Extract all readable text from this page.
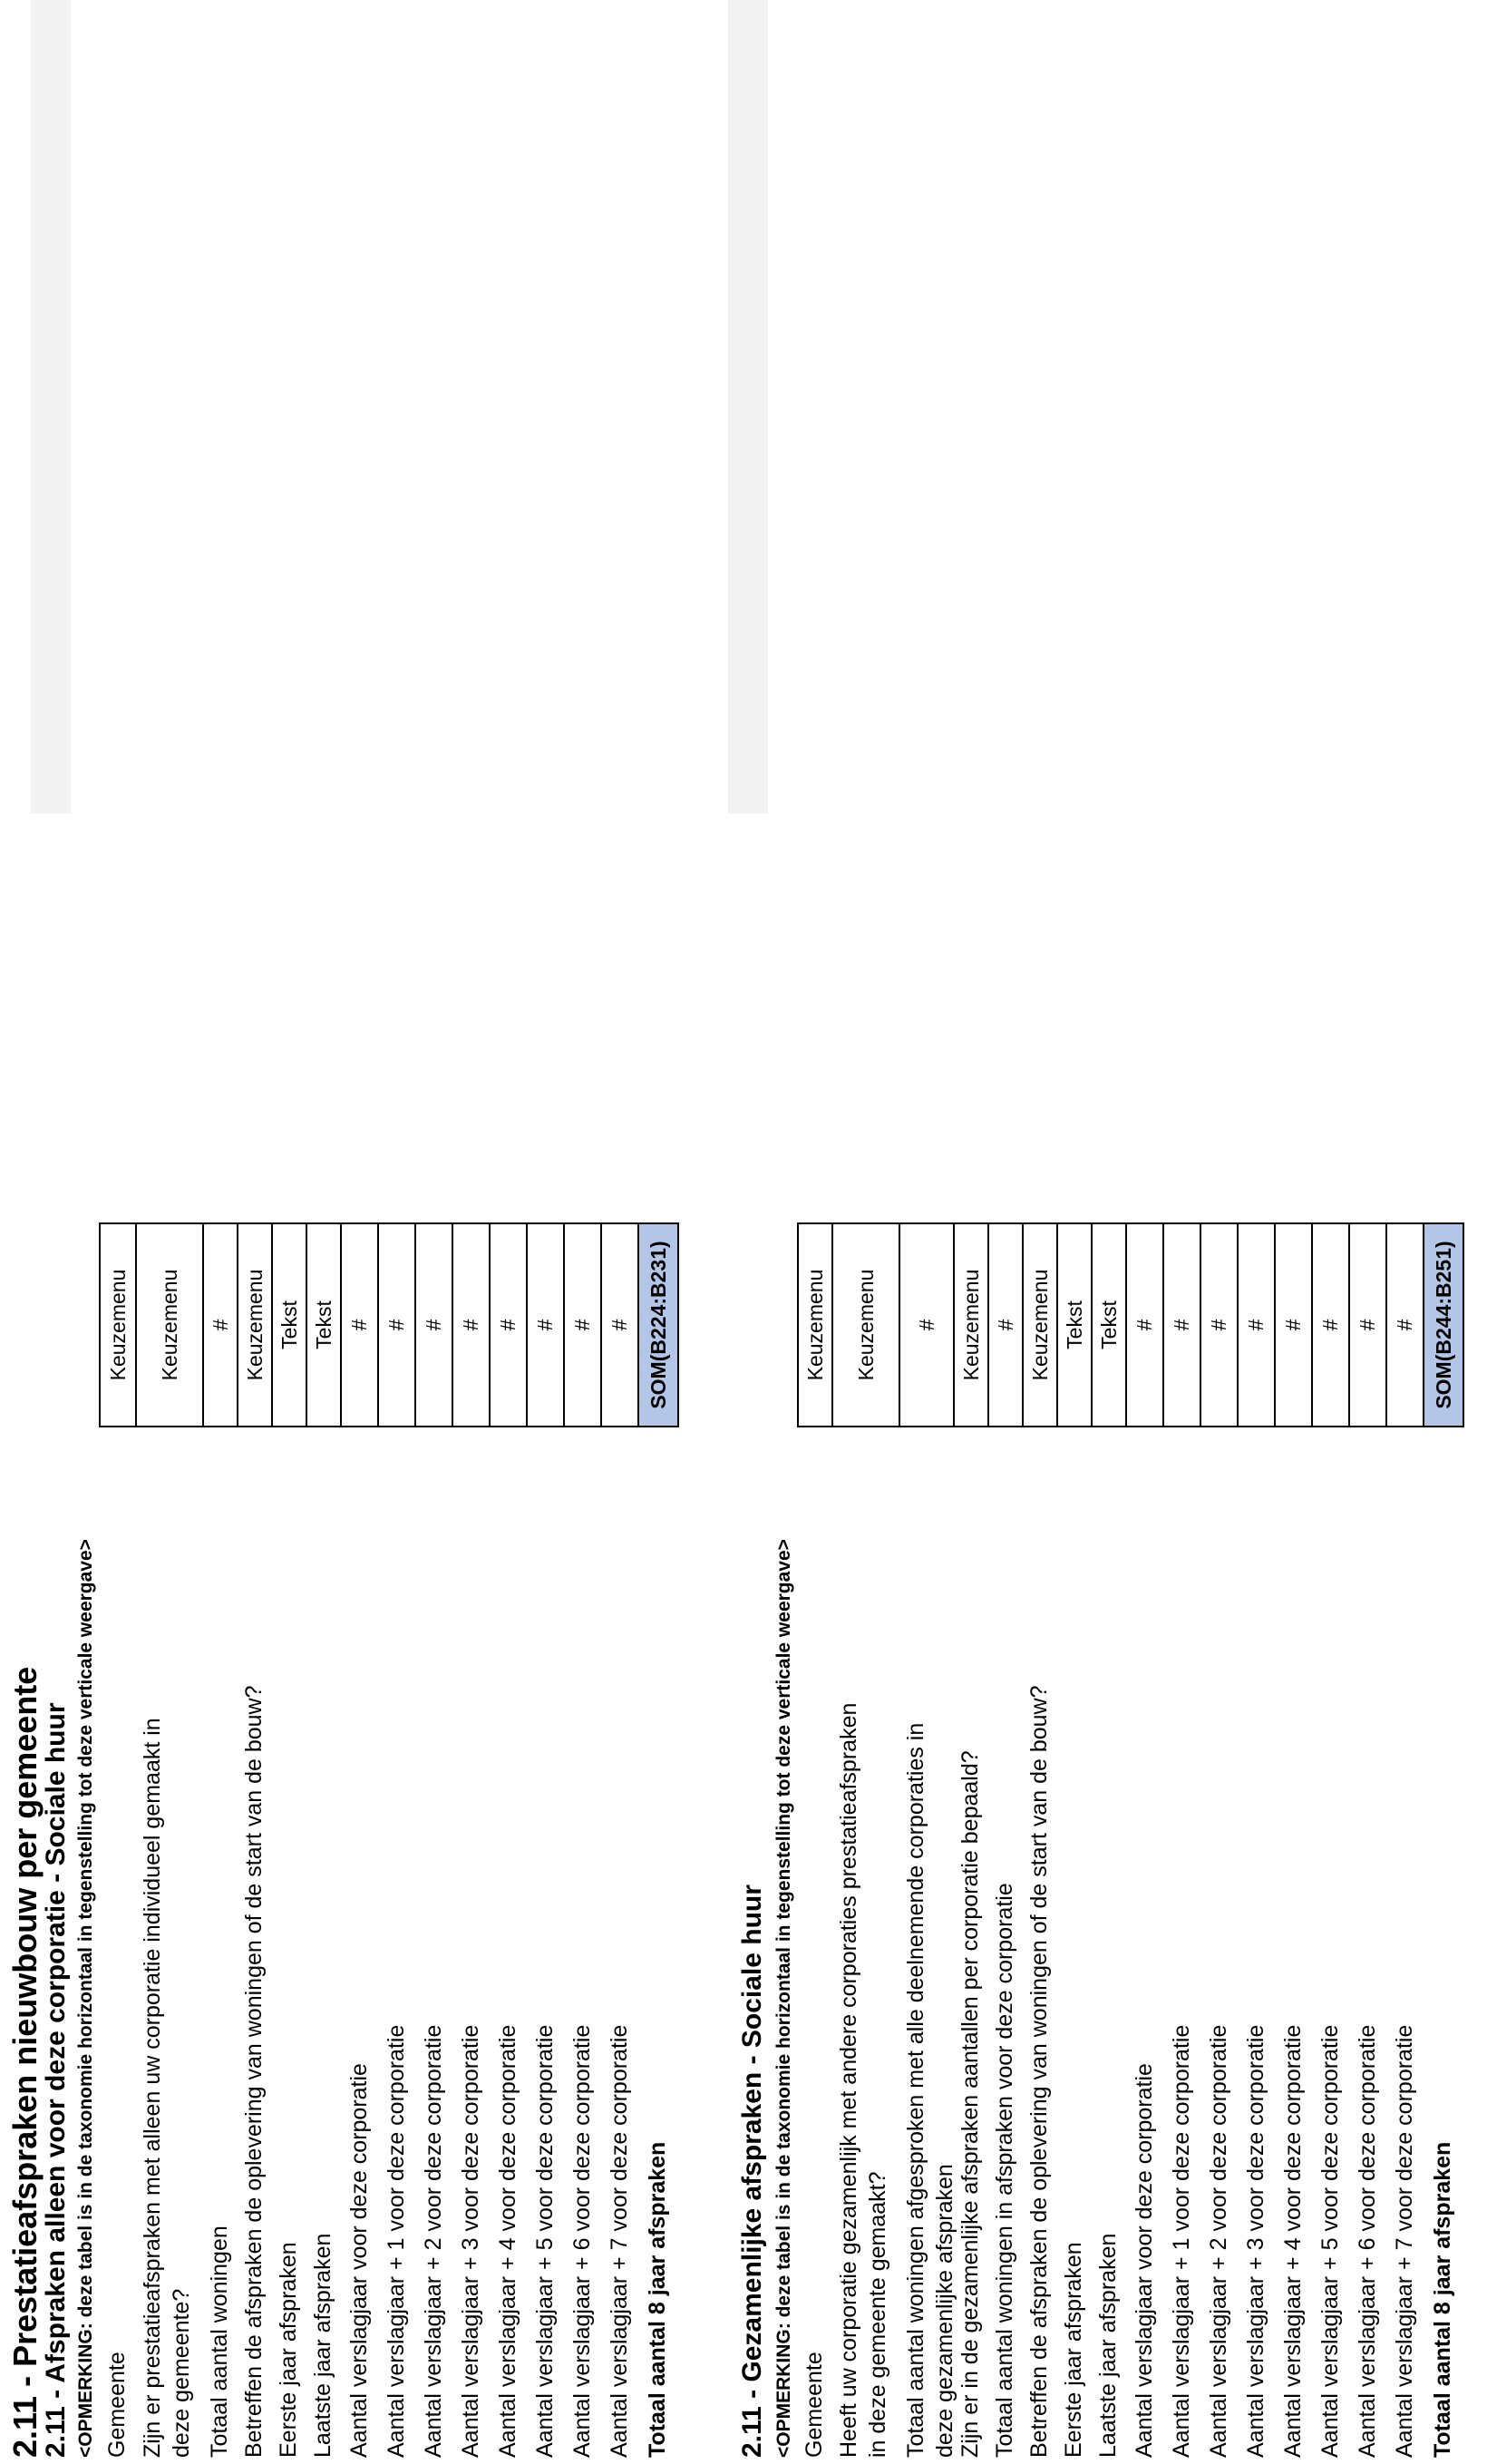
2.11 - Prestatieafspraken nieuwbouw per gemeente
2.11 - Afspraken alleen voor deze corporatie - Sociale huur <OPMERKING: deze tabel is in de taxonomie horizontaal in tegenstelling tot deze verticale weergave> Gemeente
Keuzemenu
Zijn er prestatieafspraken met alleen uw corporatie individueel gemaakt in deze gemeente?
Keuzemenu
Totaal aantal woningen
#
Betreffen de afspraken de oplevering van woningen of de start van de bouw?
Keuzemenu
Eerste jaar afspraken
Tekst
Laatste jaar afspraken
Tekst
Aantal verslagjaar voor deze corporatie
#
Aantal verslagjaar + 1 voor deze corporatie
#
Aantal verslagjaar + 2 voor deze corporatie
#
Aantal verslagjaar + 3 voor deze corporatie
#
Aantal verslagjaar + 4 voor deze corporatie
#
Aantal verslagjaar + 5 voor deze corporatie
#
Aantal verslagjaar + 6 voor deze corporatie
#
Aantal verslagjaar + 7 voor deze corporatie
#
Totaal aantal 8 jaar afspraken
SOM(B224:B231)
2.11 - Gezamenlijke afspraken - Sociale huur <OPMERKING: deze tabel is in de taxonomie horizontaal in tegenstelling tot deze verticale weergave> Gemeente
Keuzemenu
Heeft uw corporatie gezamenlijk met andere corporaties prestatieafspraken in deze gemeente gemaakt?
Keuzemenu
Totaal aantal woningen afgesproken met alle deelnemende corporaties in deze gezamenlijke afspraken
#
Zijn er in de gezamenlijke afspraken aantallen per corporatie bepaald?
Keuzemenu
Totaal aantal woningen in afspraken voor deze corporatie
#
Betreffen de afspraken de oplevering van woningen of de start van de bouw?
Keuzemenu
Eerste jaar afspraken
Tekst
Laatste jaar afspraken
Tekst
Aantal verslagjaar voor deze corporatie
#
Aantal verslagjaar + 1 voor deze corporatie
#
Aantal verslagjaar + 2 voor deze corporatie
#
Aantal verslagjaar + 3 voor deze corporatie
#
Aantal verslagjaar + 4 voor deze corporatie
#
Aantal verslagjaar + 5 voor deze corporatie
#
Aantal verslagjaar + 6 voor deze corporatie
#
Aantal verslagjaar + 7 voor deze corporatie
#
Totaal aantal 8 jaar afspraken
SOM(B244:B251)
